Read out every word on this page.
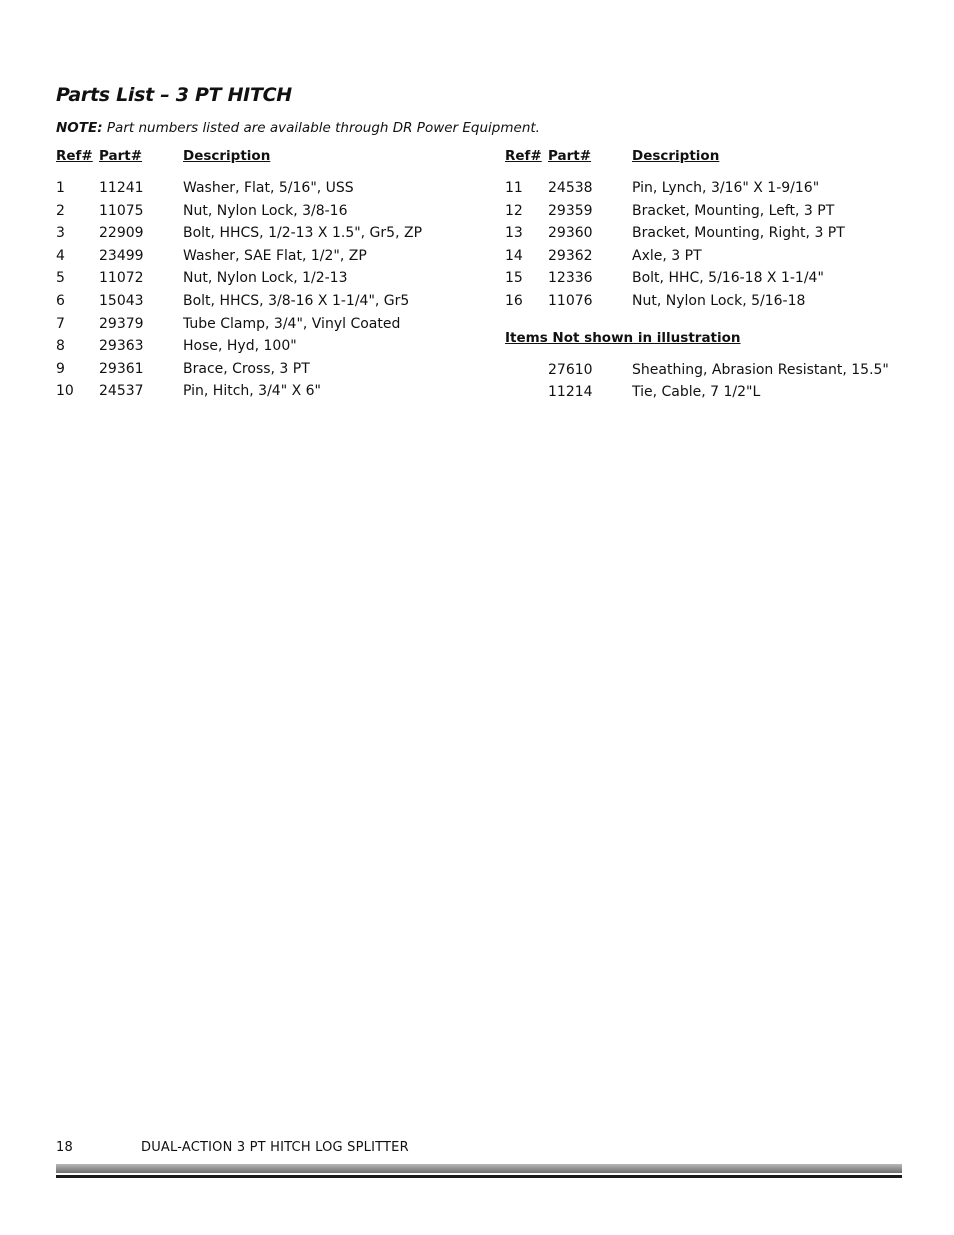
Parts List – 3 PT HITCH
NOTE: Part numbers listed are available through DR Power Equipment.
Ref# Part#	Description
1 11241	Washer, Flat, 5/16", USS
2 11075	Nut, Nylon Lock, 3/8-16
3 22909	Bolt, HHCS, 1/2-13 X 1.5", Gr5, ZP
4 23499	Washer, SAE Flat, 1/2", ZP
5 11072	Nut, Nylon Lock, 1/2-13
6 15043	Bolt, HHCS, 3/8-16 X 1-1/4", Gr5
7 29379	Tube Clamp, 3/4", Vinyl Coated
8 29363	Hose, Hyd, 100"
9 29361	Brace, Cross, 3 PT
10 24537	Pin, Hitch, 3/4" X 6"
Ref# Part#	Description
11 24538	Pin, Lynch, 3/16" X 1-9/16"
12 29359	Bracket, Mounting, Left, 3 PT
13 29360	Bracket, Mounting, Right, 3 PT
14 29362	Axle, 3 PT
15 12336	Bolt, HHC, 5/16-18 X 1-1/4"
16 11076	Nut, Nylon Lock, 5/16-18
Items Not shown in illustration
27610	Sheathing, Abrasion Resistant, 15.5"
11214	Tie, Cable, 7 1/2"L
18	DUAL-ACTION 3 PT HITCH LOG SPLITTER
